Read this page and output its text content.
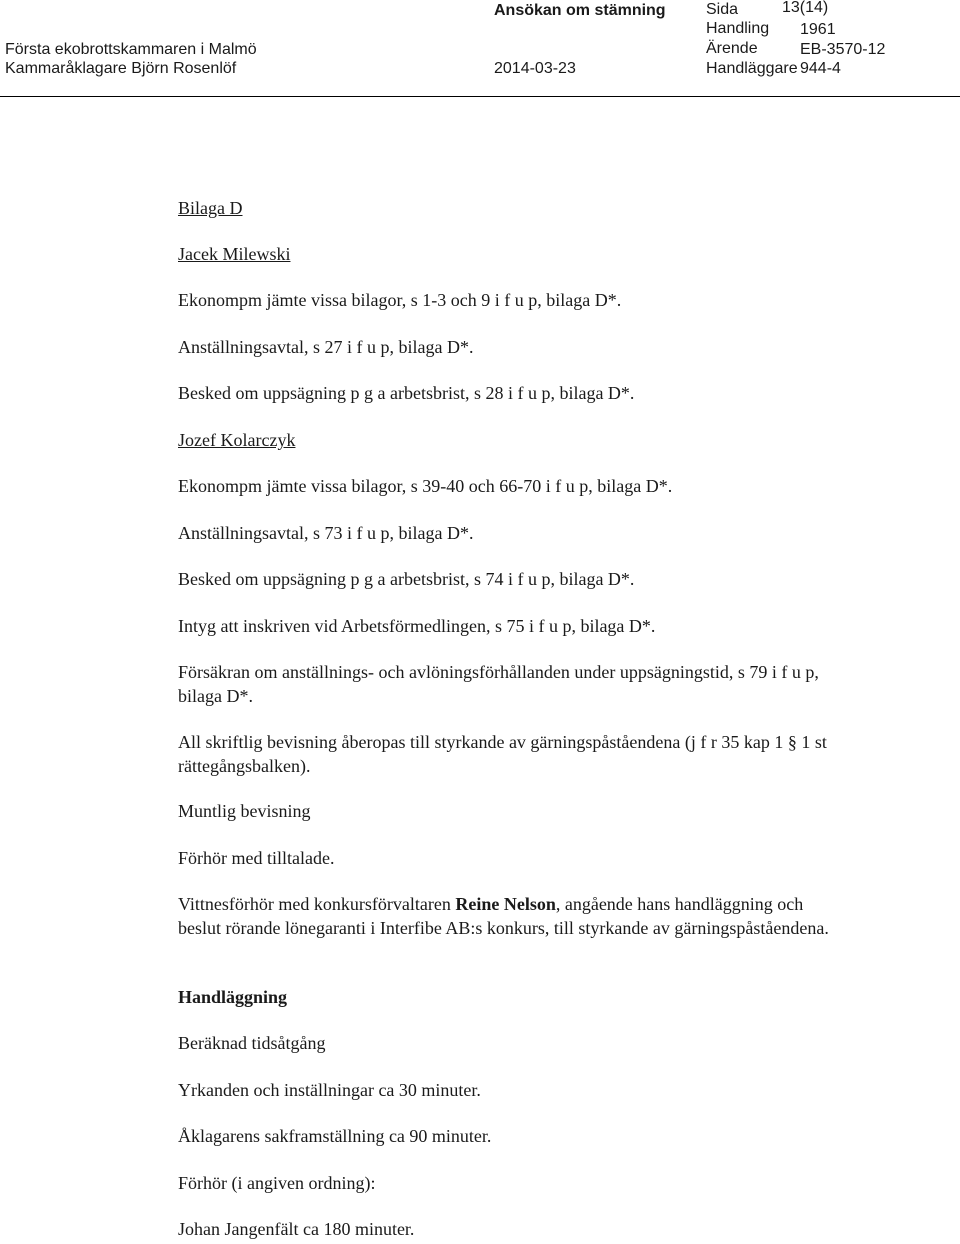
Ansökan om stämning	Sida	13(14)
Handling 1961
Första ekobrottskammaren i Malmö	Ärende	EB-3570-12
Kammaråklagare Björn Rosenlöf	2014-03-23	Handläggare 944-4

Bilaga D

Jacek Milewski

Ekonompm jämte vissa bilagor, s 1-3 och 9 i f u p, bilaga D*.

Anställningsavtal, s 27 i f u p, bilaga D*.

Besked om uppsägning p g a arbetsbrist, s 28 i f u p, bilaga D*.

Jozef Kolarczyk

Ekonompm jämte vissa bilagor, s 39-40 och 66-70 i f u p, bilaga D*.

Anställningsavtal, s 73 i f u p, bilaga D*.

Besked om uppsägning p g a arbetsbrist, s 74 i f u p, bilaga D*.

Intyg att inskriven vid Arbetsförmedlingen, s 75 i f u p, bilaga D*.

Försäkran om anställnings- och avlöningsförhållanden under uppsägningstid, s 79 i f u p, bilaga D*.

All skriftlig bevisning åberopas till styrkande av gärningspåståendena (j f r 35 kap 1 § 1 st rättegångsbalken).

Muntlig bevisning

Förhör med tilltalade.

Vittnesförhör med konkursförvaltaren Reine Nelson, angående hans handläggning och beslut rörande lönegaranti i Interfibe AB:s konkurs, till styrkande av gärningspåståendena.

Handläggning

Beräknad tidsåtgång

Yrkanden och inställningar ca 30 minuter.

Åklagarens sakframställning ca 90 minuter.

Förhör (i angiven ordning):

Johan Jangenfält ca 180 minuter.
